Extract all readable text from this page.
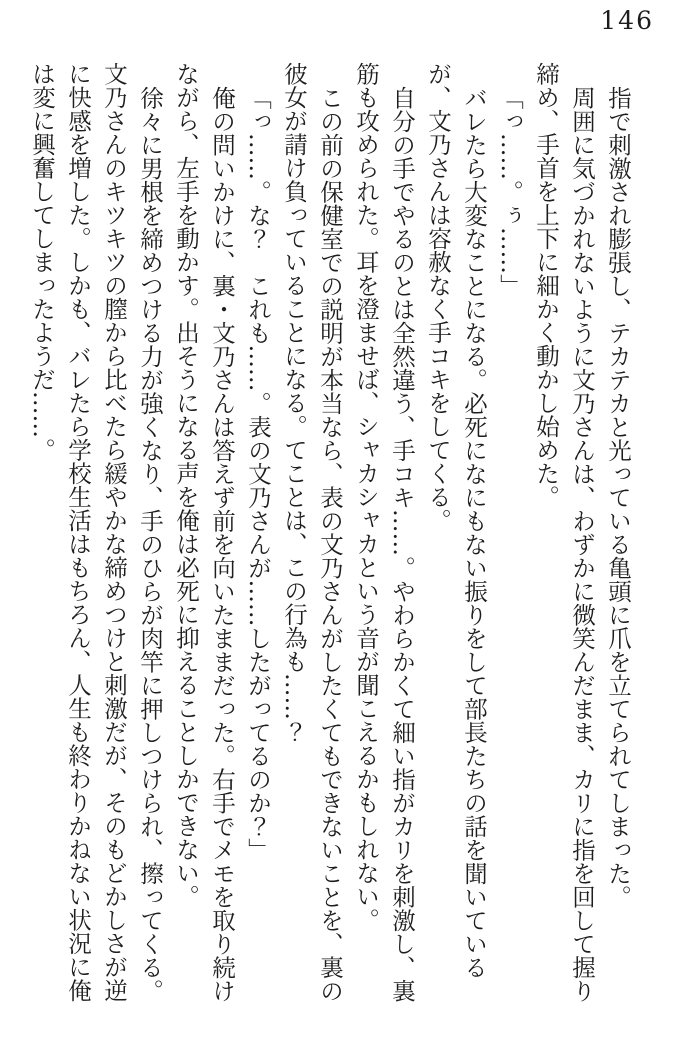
146

指で刺激され膨張し、テカテカと光っている亀頭に爪を立てられてしまった。

周囲に気づかれないように文乃さんは、わずかに微笑んだまま、カリに指を回して握り締め、手首を上下に細かく動かし始めた。

「っ……。ぅ……」

バレたら大変なことになる。必死になにもない振りをして部長たちの話を聞いているが、文乃さんは容赦なく手コキをしてくる。

自分の手でやるのとは全然違う、手コキ……。やわらかくて細い指がカリを刺激し、裏筋も攻められた。耳を澄ませば、シャカシャカという音が聞こえるかもしれない。

この前の保健室での説明が本当なら、表の文乃さんがしたくてもできないことを、裏の彼女が請け負っていることになる。てことは、この行為も……？

「っ……。な？　これも……。表の文乃さんが……したがってるのか？」

俺の問いかけに、裏・文乃さんは答えず前を向いたままだった。右手でメモを取り続けながら、左手を動かす。出そうになる声を俺は必死に抑えることしかできない。

徐々に男根を締めつける力が強くなり、手のひらが肉竿に押しつけられ、擦ってくる。文乃さんのキツキツの膣から比べたら緩やかな締めつけと刺激だが、そのもどかしさが逆に快感を増した。しかも、バレたら学校生活はもちろん、人生も終わりかねない状況に俺は変に興奮してしまったようだ……。
